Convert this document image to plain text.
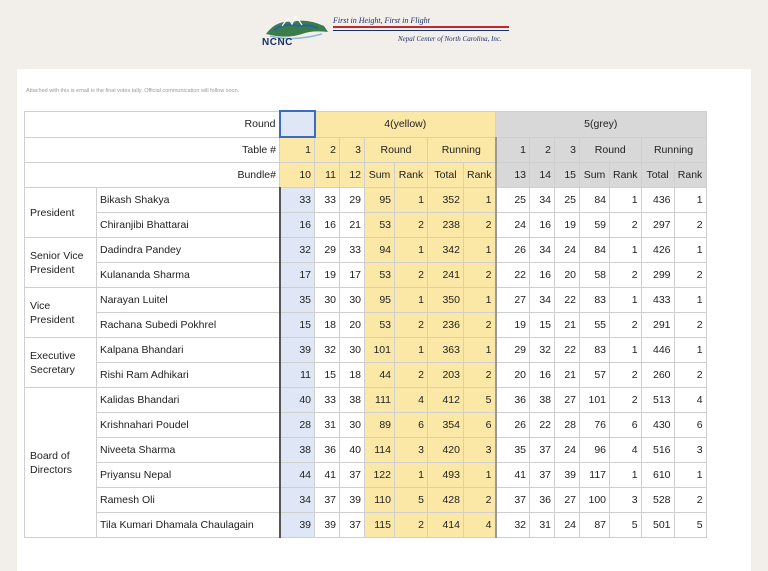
NCNC
First in Height, First in Flight
Nepal Center of North Carolina, Inc.
Attached with this is email is the final votes tally. Official communication will follow soon.
Round			4(yellow)						5(grey)						
Table #		1	2	3	Round		Running		1	2	3	Round		Running	
Bundle#		10	11	12	Sum	Rank	Total	Rank	13	14	15	Sum	Rank	Total	Rank
President	Bikash Shakya	33	33	29	95	1	352	1	25	34	25	84	1	436	1
	Chiranjibi Bhattarai	16	16	21	53	2	238	2	24	16	19	59	2	297	2
Senior Vice President	Dadindra Pandey	32	29	33	94	1	342	1	26	34	24	84	1	426	1
	Kulananda Sharma	17	19	17	53	2	241	2	22	16	20	58	2	299	2
Vice President	Narayan Luitel	35	30	30	95	1	350	1	27	34	22	83	1	433	1
	Rachana Subedi Pokhrel	15	18	20	53	2	236	2	19	15	21	55	2	291	2
Executive Secretary	Kalpana Bhandari	39	32	30	101	1	363	1	29	32	22	83	1	446	1
	Rishi Ram Adhikari	11	15	18	44	2	203	2	20	16	21	57	2	260	2
Board of Directors	Kalidas Bhandari	40	33	38	111	4	412	5	36	38	27	101	2	513	4
	Krishnahari Poudel	28	31	30	89	6	354	6	26	22	28	76	6	430	6
	Niveeta Sharma	38	36	40	114	3	420	3	35	37	24	96	4	516	3
	Priyansu Nepal	44	41	37	122	1	493	1	41	37	39	117	1	610	1
	Ramesh Oli	34	37	39	110	5	428	2	37	36	27	100	3	528	2
	Tila Kumari Dhamala Chaulagain	39	39	37	115	2	414	4	32	31	24	87	5	501	5
